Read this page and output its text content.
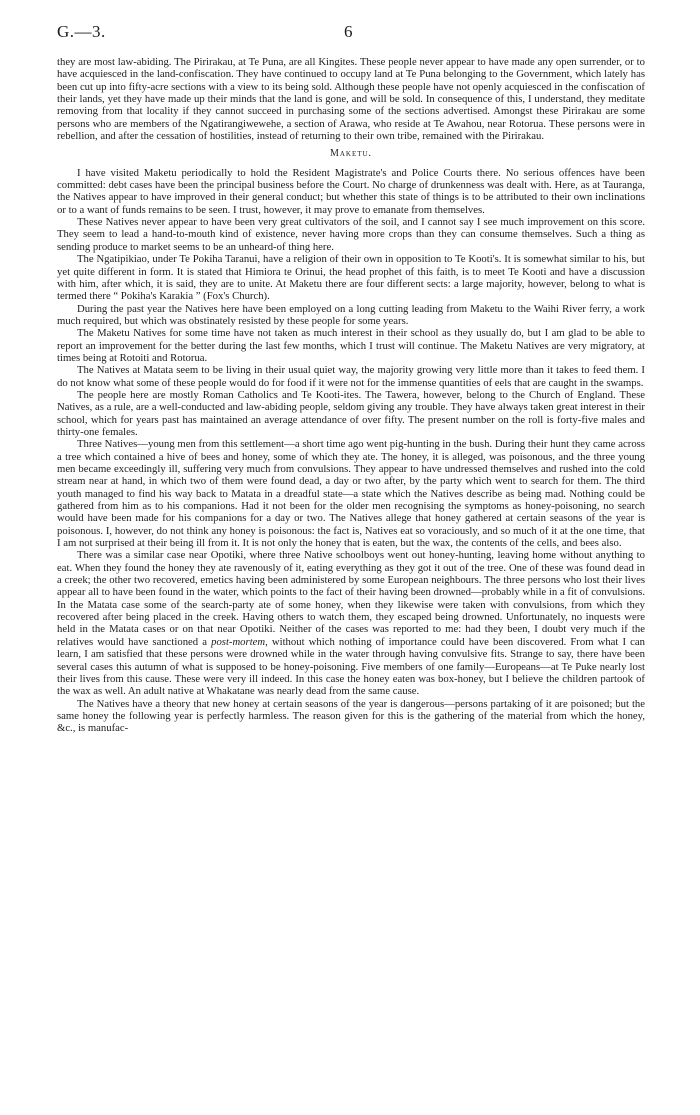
G.—3.	6

they are most law-abiding. The Pirirakau, at Te Puna, are all Kingites. These people never appear to have made any open surrender, or to have acquiesced in the land-confiscation. They have continued to occupy land at Te Puna belonging to the Government, which lately has been cut up into fifty-acre sections with a view to its being sold. Although these people have not openly acquiesced in the confiscation of their lands, yet they have made up their minds that the land is gone, and will be sold. In consequence of this, I understand, they meditate removing from that locality if they cannot succeed in purchasing some of the sections advertised. Amongst these Pirirakau are some persons who are members of the Ngatirangiwewehe, a section of Arawa, who reside at Te Awahou, near Rotorua. These persons were in rebellion, and after the cessation of hostilities, instead of returning to their own tribe, remained with the Pirirakau.

Maketu.

I have visited Maketu periodically to hold the Resident Magistrate's and Police Courts there. No serious offences have been committed: debt cases have been the principal business before the Court. No charge of drunkenness was dealt with. Here, as at Tauranga, the Natives appear to have improved in their general conduct; but whether this state of things is to be attributed to their own inclinations or to a want of funds remains to be seen. I trust, however, it may prove to emanate from themselves.

These Natives never appear to have been very great cultivators of the soil, and I cannot say I see much improvement on this score. They seem to lead a hand-to-mouth kind of existence, never having more crops than they can consume themselves. Such a thing as sending produce to market seems to be an unheard-of thing here.

The Ngatipikiao, under Te Pokiha Taranui, have a religion of their own in opposition to Te Kooti's. It is somewhat similar to his, but yet quite different in form. It is stated that Himiora te Orinui, the head prophet of this faith, is to meet Te Kooti and have a discussion with him, after which, it is said, they are to unite. At Maketu there are four different sects: a large majority, however, belong to what is termed there “ Pokiha's Karakia ” (Fox's Church).

During the past year the Natives here have been employed on a long cutting leading from Maketu to the Waihi River ferry, a work much required, but which was obstinately resisted by these people for some years.

The Maketu Natives for some time have not taken as much interest in their school as they usually do, but I am glad to be able to report an improvement for the better during the last few months, which I trust will continue. The Maketu Natives are very migratory, at times being at Rotoiti and Rotorua.

The Natives at Matata seem to be living in their usual quiet way, the majority growing very little more than it takes to feed them. I do not know what some of these people would do for food if it were not for the immense quantities of eels that are caught in the swamps.

The people here are mostly Roman Catholics and Te Kooti-ites. The Tawera, however, belong to the Church of England. These Natives, as a rule, are a well-conducted and law-abiding people, seldom giving any trouble. They have always taken great interest in their school, which for years past has maintained an average attendance of over fifty. The present number on the roll is forty-five males and thirty-one females.

Three Natives—young men from this settlement—a short time ago went pig-hunting in the bush. During their hunt they came across a tree which contained a hive of bees and honey, some of which they ate. The honey, it is alleged, was poisonous, and the three young men became exceedingly ill, suffering very much from convulsions. They appear to have undressed themselves and rushed into the cold stream near at hand, in which two of them were found dead, a day or two after, by the party which went to search for them. The third youth managed to find his way back to Matata in a dreadful state—a state which the Natives describe as being mad. Nothing could be gathered from him as to his companions. Had it not been for the older men recognising the symptoms as honey-poisoning, no search would have been made for his companions for a day or two. The Natives allege that honey gathered at certain seasons of the year is poisonous. I, however, do not think any honey is poisonous: the fact is, Natives eat so voraciously, and so much of it at the one time, that I am not surprised at their being ill from it. It is not only the honey that is eaten, but the wax, the contents of the cells, and bees also.

There was a similar case near Opotiki, where three Native schoolboys went out honey-hunting, leaving home without anything to eat. When they found the honey they ate ravenously of it, eating everything as they got it out of the tree. One of these was found dead in a creek; the other two recovered, emetics having been administered by some European neighbours. The three persons who lost their lives appear all to have been found in the water, which points to the fact of their having been drowned—probably while in a fit of convulsions. In the Matata case some of the search-party ate of some honey, when they likewise were taken with convulsions, from which they recovered after being placed in the creek. Having others to watch them, they escaped being drowned. Unfortunately, no inquests were held in the Matata cases or on that near Opotiki. Neither of the cases was reported to me: had they been, I doubt very much if the relatives would have sanctioned a post-mortem, without which nothing of importance could have been discovered. From what I can learn, I am satisfied that these persons were drowned while in the water through having convulsive fits. Strange to say, there have been several cases this autumn of what is supposed to be honey-poisoning. Five members of one family—Europeans—at Te Puke nearly lost their lives from this cause. These were very ill indeed. In this case the honey eaten was box-honey, but I believe the children partook of the wax as well. An adult native at Whakatane was nearly dead from the same cause.

The Natives have a theory that new honey at certain seasons of the year is dangerous—persons partaking of it are poisoned; but the same honey the following year is perfectly harmless. The reason given for this is the gathering of the material from which the honey, &c., is manufac-
